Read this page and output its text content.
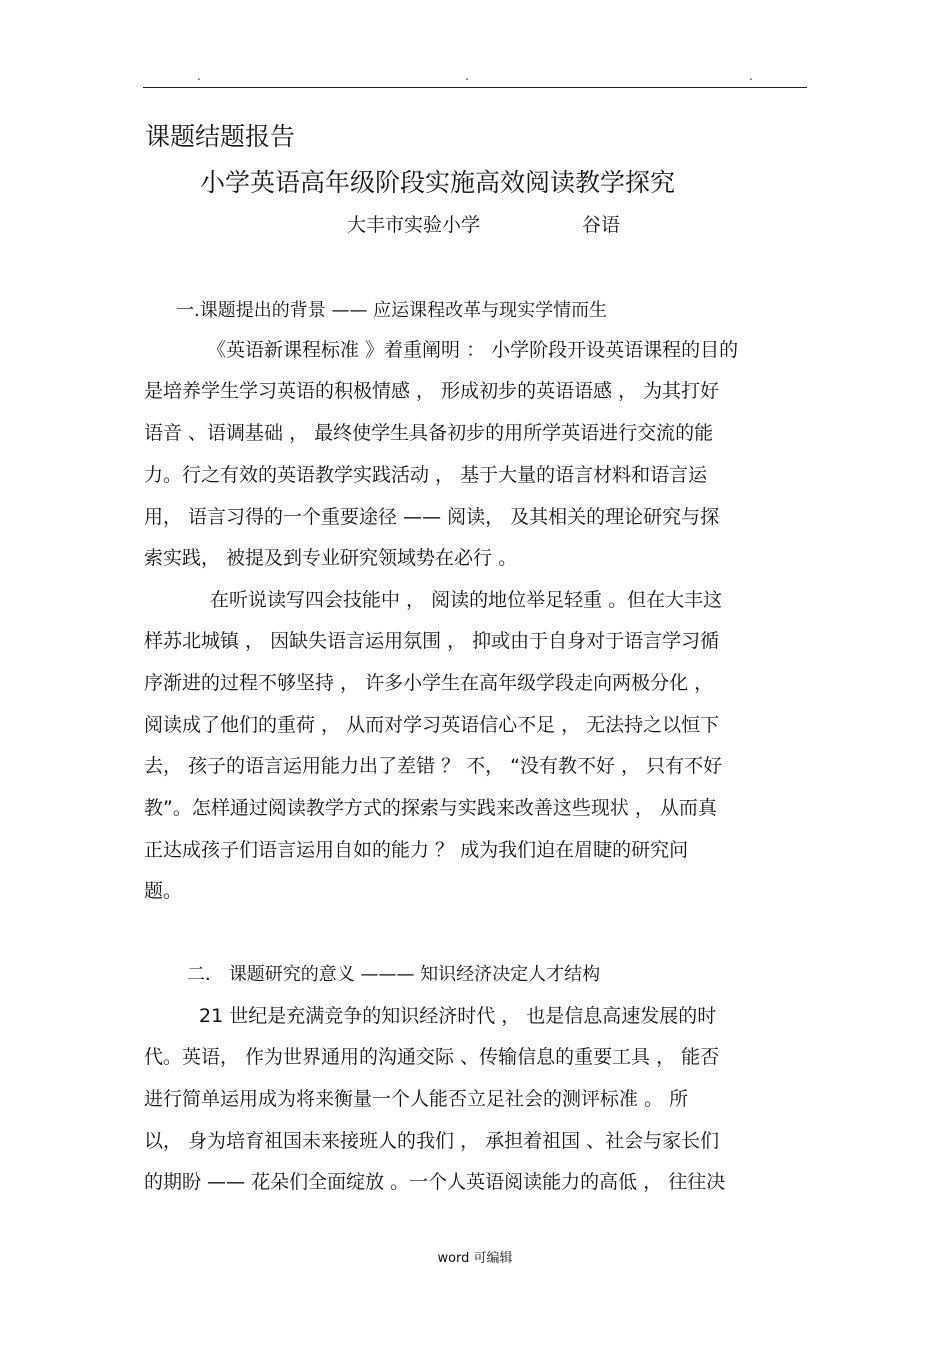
.	.	.
课题结题报告
小学英语高年级阶段实施高效阅读教学探究
大丰市实验小学	谷语
一.课题提出的背景 —— 应运课程改革与现实学情而生
《英语新课程标准 》着重阐明 ： 小学阶段开设英语课程的目的
是培养学生学习英语的积极情感 ， 形成初步的英语语感 ， 为其打好
语音 、语调基础 ， 最终使学生具备初步的用所学英语进行交流的能
力。行之有效的英语教学实践活动 ， 基于大量的语言材料和语言运
用， 语言习得的一个重要途径 —— 阅读， 及其相关的理论研究与探
索实践， 被提及到专业研究领域势在必行 。
在听说读写四会技能中 ， 阅读的地位举足轻重 。但在大丰这
样苏北城镇 ， 因缺失语言运用氛围 ， 抑或由于自身对于语言学习循
序渐进的过程不够坚持 ， 许多小学生在高年级学段走向两极分化 ，
阅读成了他们的重荷 ， 从而对学习英语信心不足 ， 无法持之以恒下
去， 孩子的语言运用能力出了差错 ？ 不， “没有教不好 ， 只有不好
教”。怎样通过阅读教学方式的探索与实践来改善这些现状 ， 从而真
正达成孩子们语言运用自如的能力 ？ 成为我们迫在眉睫的研究问
题。
二． 课题研究的意义 ——— 知识经济决定人才结构
21 世纪是充满竞争的知识经济时代 ， 也是信息高速发展的时
代。英语， 作为世界通用的沟通交际 、传输信息的重要工具 ， 能否
进行简单运用成为将来衡量一个人能否立足社会的测评标准 。 所
以， 身为培育祖国未来接班人的我们 ， 承担着祖国 、社会与家长们
的期盼 —— 花朵们全面绽放 。一个人英语阅读能力的高低 ， 往往决
word 可编辑
